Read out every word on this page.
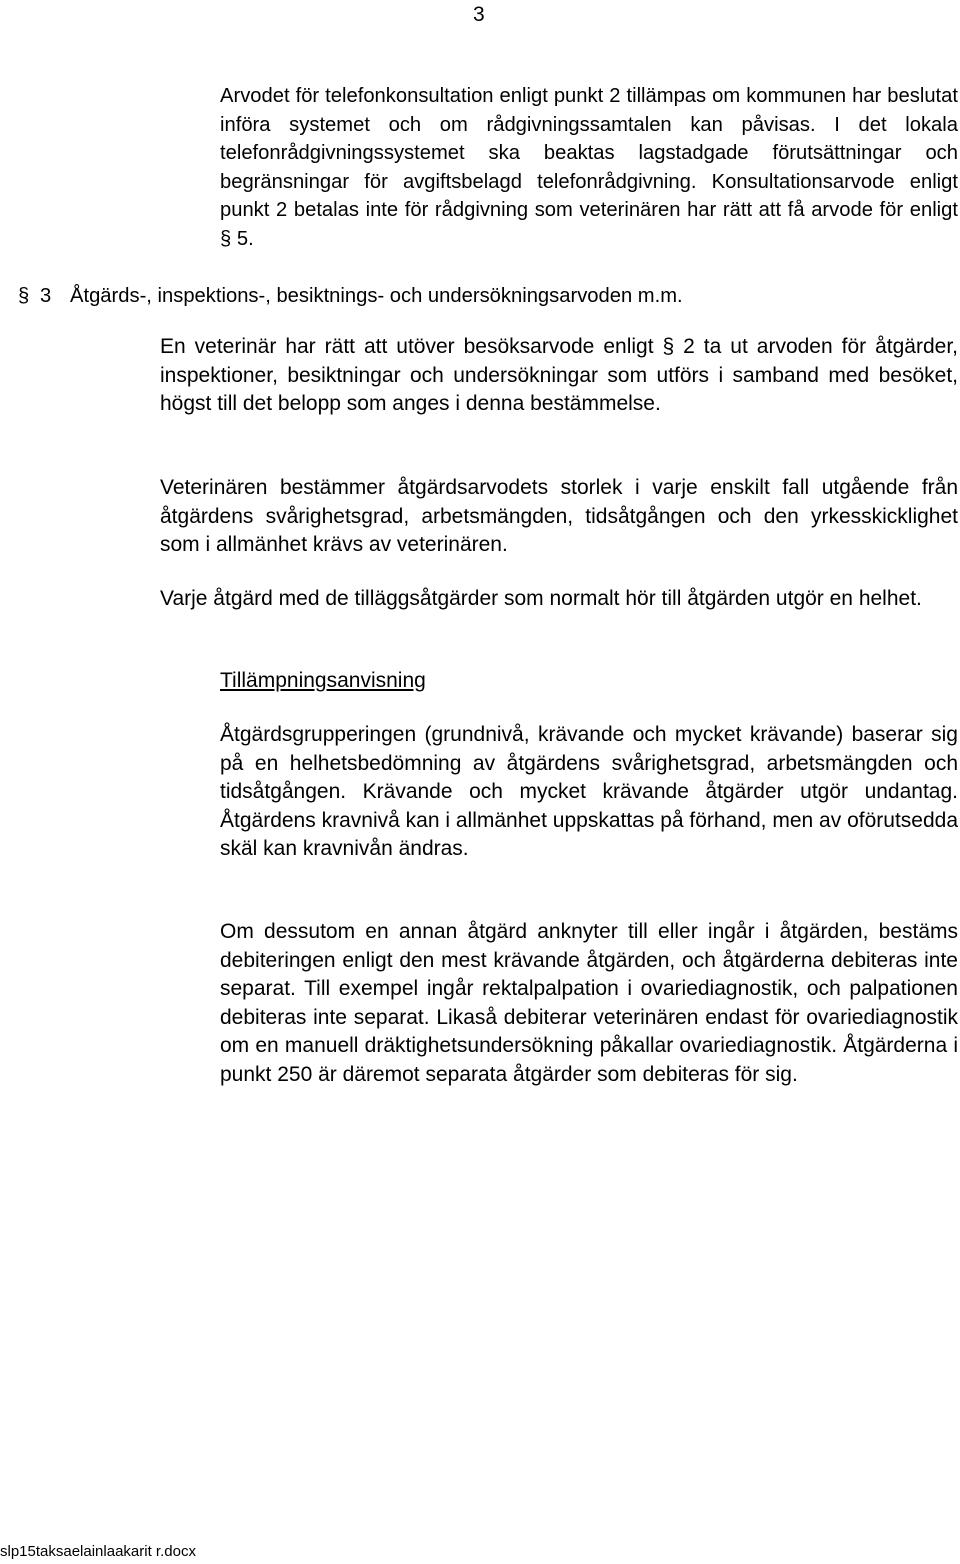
3

Arvodet för telefonkonsultation enligt punkt 2 tillämpas om kommunen har beslutat införa systemet och om rådgivningssamtalen kan påvisas. I det lokala telefonrådgivningssystemet ska beaktas lagstadgade förutsättningar och begränsningar för avgiftsbelagd telefonrådgivning. Konsultationsarvode enligt punkt 2 betalas inte för rådgivning som veterinären har rätt att få arvode för enligt § 5.

§ 3 Åtgärds-, inspektions-, besiktnings- och undersökningsarvoden m.m.

En veterinär har rätt att utöver besöksarvode enligt § 2 ta ut arvoden för åtgärder, inspektioner, besiktningar och undersökningar som utförs i samband med besöket, högst till det belopp som anges i denna bestämmelse.

Veterinären bestämmer åtgärdsarvodets storlek i varje enskilt fall utgående från åtgärdens svårighetsgrad, arbetsmängden, tidsåtgången och den yrkesskicklighet som i allmänhet krävs av veterinären.

Varje åtgärd med de tilläggsåtgärder som normalt hör till åtgärden utgör en helhet.

Tillämpningsanvisning

Åtgärdsgrupperingen (grundnivå, krävande och mycket krävande) baserar sig på en helhetsbedömning av åtgärdens svårighetsgrad, arbetsmängden och tidsåtgången. Krävande och mycket krävande åtgärder utgör undantag. Åtgärdens kravnivå kan i allmänhet uppskattas på förhand, men av oförutsedda skäl kan kravnivån ändras.

Om dessutom en annan åtgärd anknyter till eller ingår i åtgärden, bestäms debiteringen enligt den mest krävande åtgärden, och åtgärderna debiteras inte separat. Till exempel ingår rektalpalpation i ovariediagnostik, och palpationen debiteras inte separat. Likaså debiterar veterinären endast för ovariediagnostik om en manuell dräktighetsundersökning påkallar ovariediagnostik. Åtgärderna i punkt 250 är däremot separata åtgärder som debiteras för sig.

slp15taksaelainlaakarit r.docx
